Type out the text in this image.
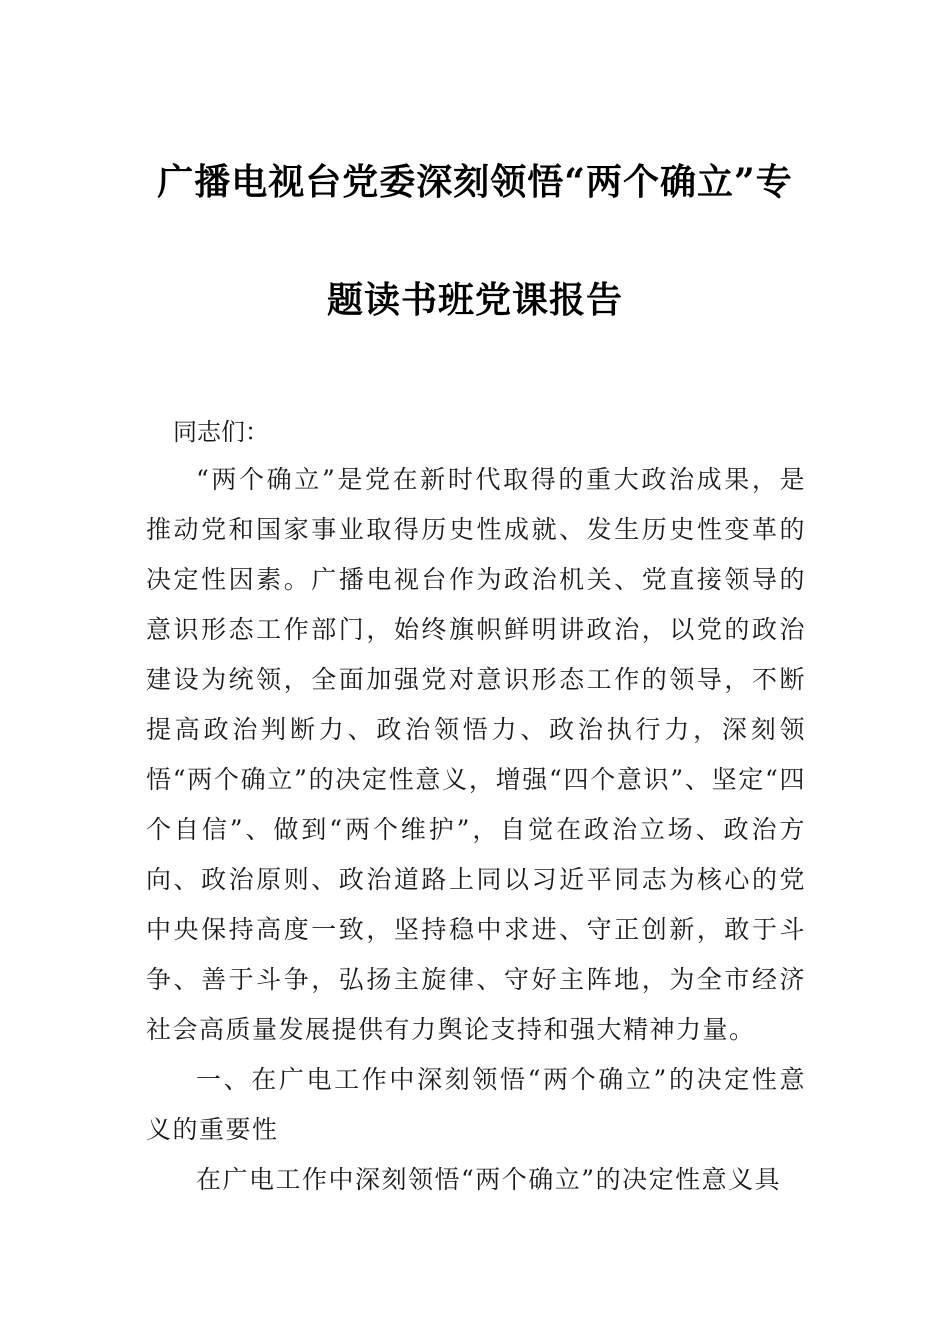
广播电视台党委深刻领悟“两个确立”专
题读书班党课报告
同志们：
“两个确立”是党在新时代取得的重大政治成果，是推动党和国家事业取得历史性成就、发生历史性变革的决定性因素。广播电视台作为政治机关、党直接领导的意识形态工作部门，始终旗帜鲜明讲政治，以党的政治建设为统领，全面加强党对意识形态工作的领导，不断提高政治判断力、政治领悟力、政治执行力，深刻领悟“两个确立”的决定性意义，增强“四个意识”、坚定“四个自信”、做到“两个维护”，自觉在政治立场、政治方向、政治原则、政治道路上同以习近平同志为核心的党中央保持高度一致，坚持稳中求进、守正创新，敢于斗争、善于斗争，弘扬主旋律、守好主阵地，为全市经济社会高质量发展提供有力舆论支持和强大精神力量。
一、在广电工作中深刻领悟“两个确立”的决定性意义的重要性
在广电工作中深刻领悟“两个确立”的决定性意义具
